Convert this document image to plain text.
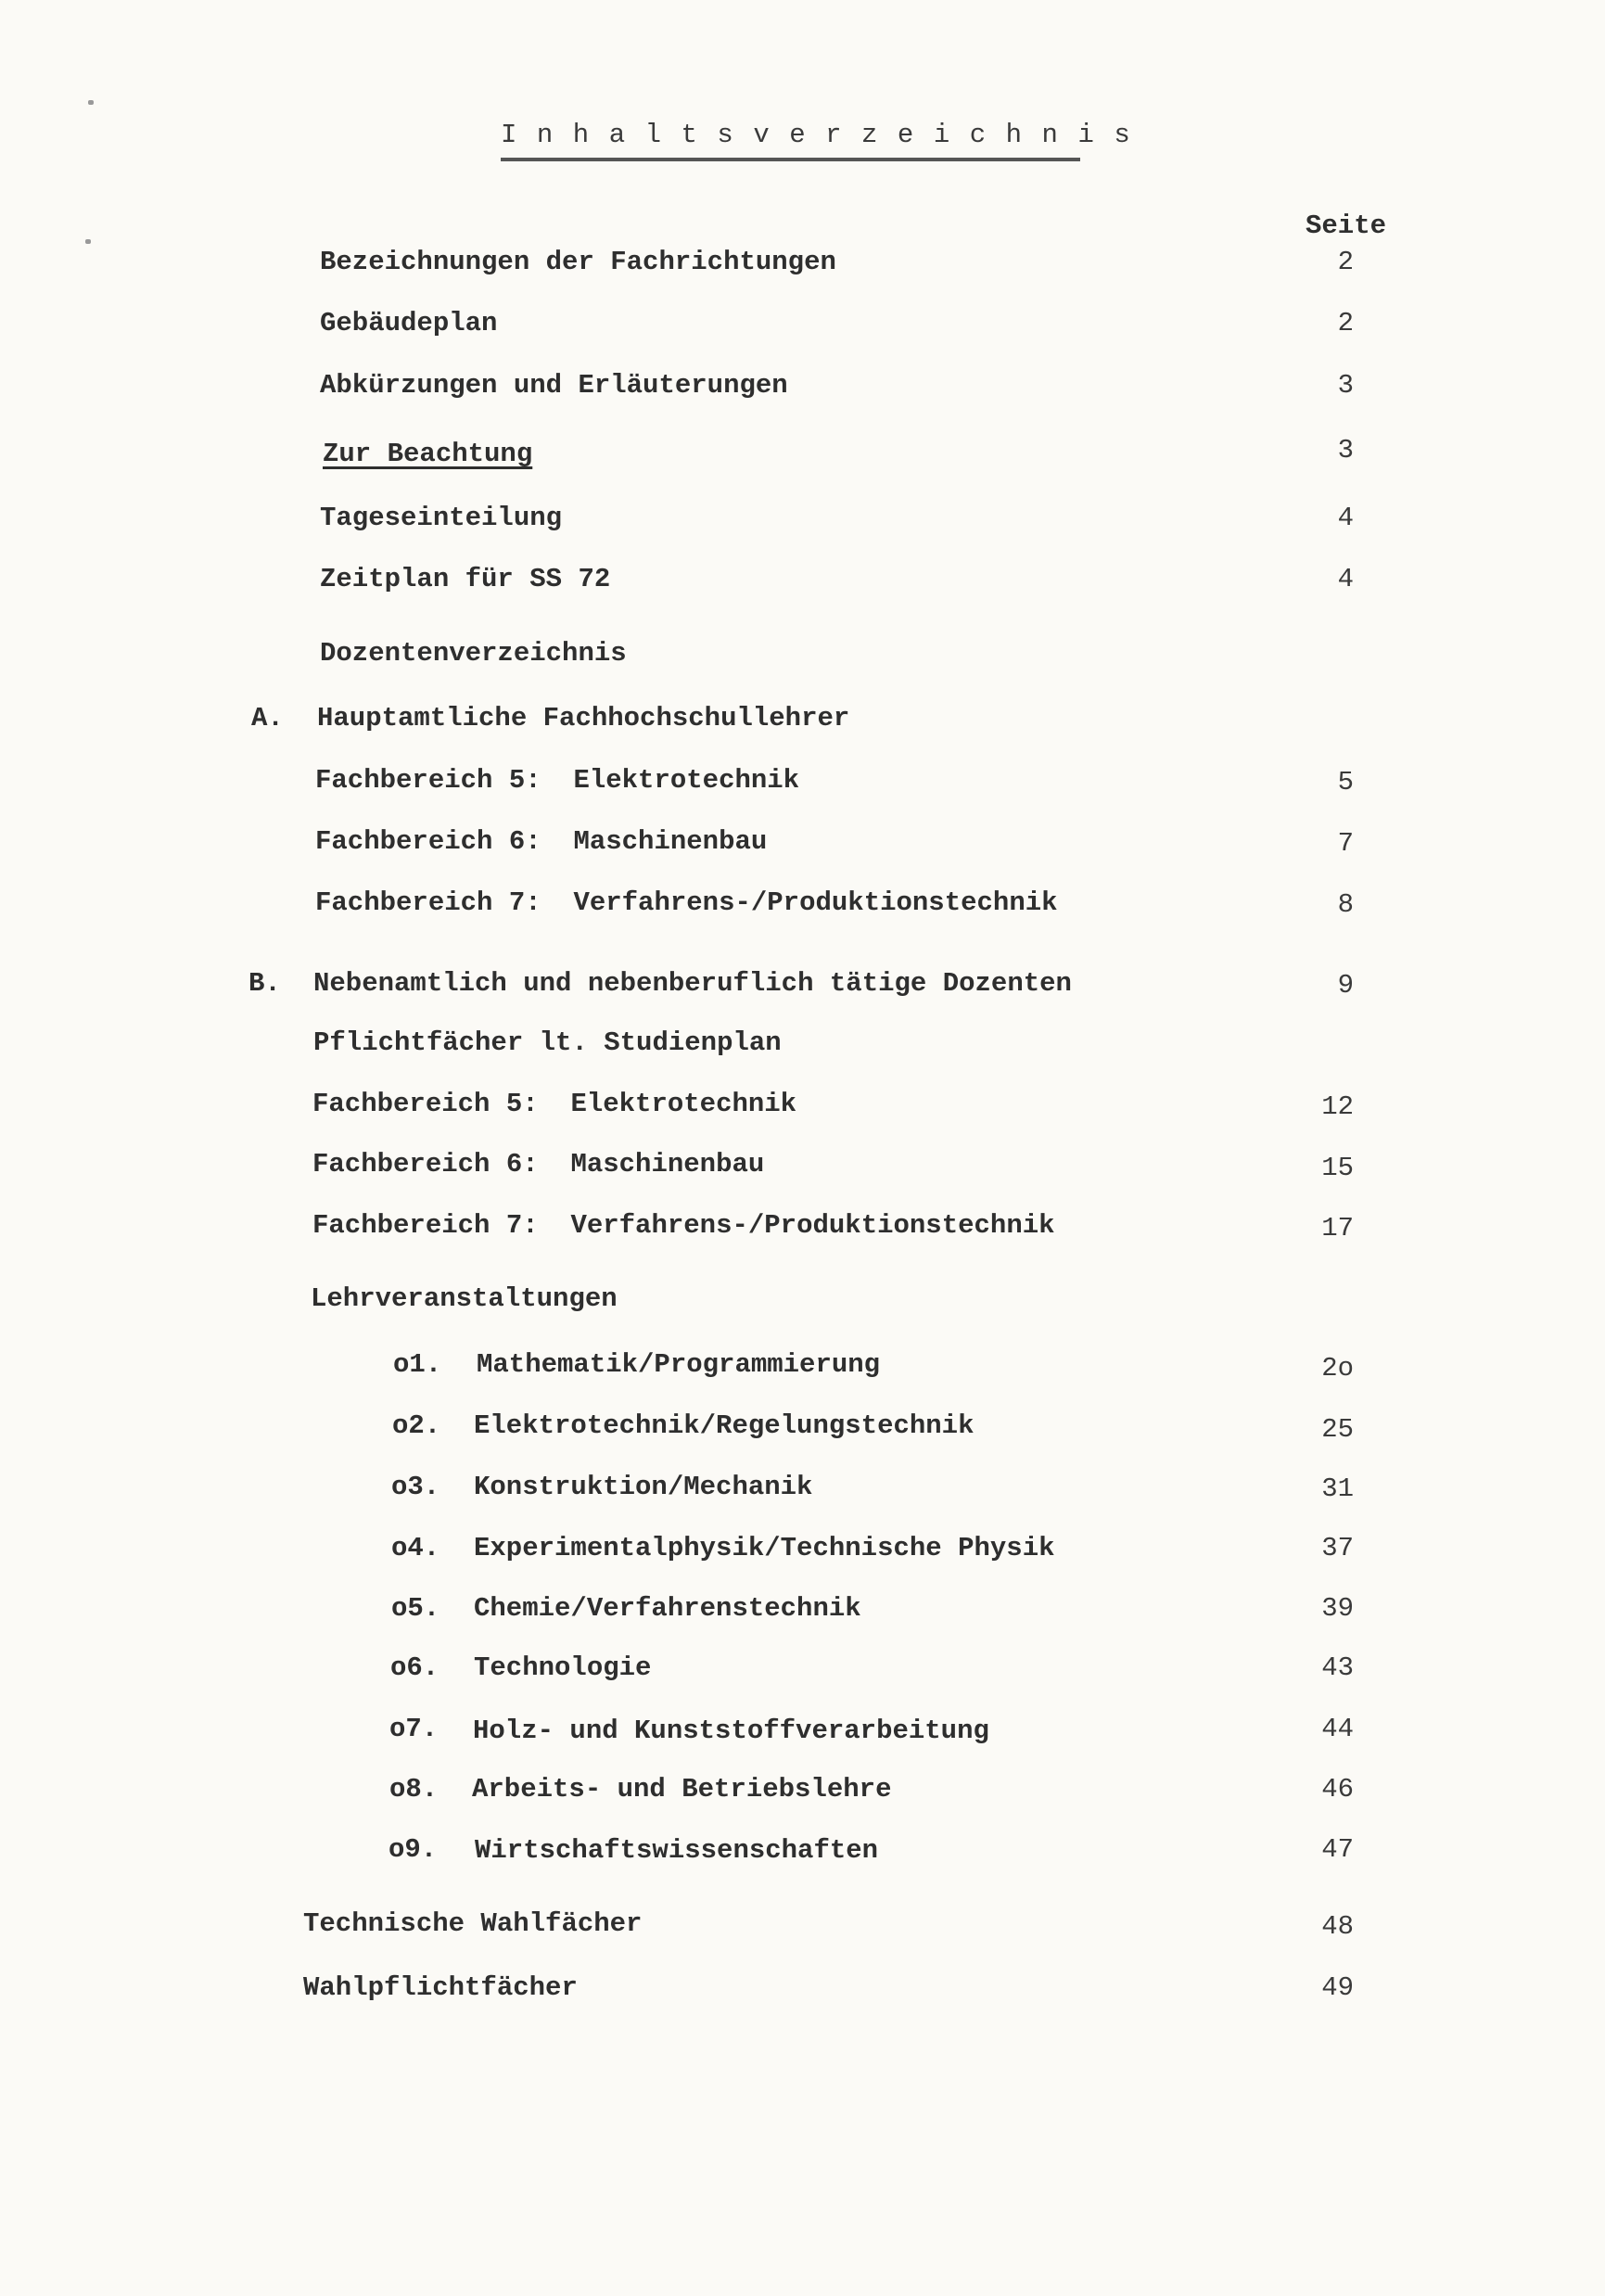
Inhaltsverzeichnis
Seite
Bezeichnungen der Fachrichtungen	2
Gebäudeplan	2
Abkürzungen und Erläuterungen	3
Zur Beachtung	3
Tageseinteilung	4
Zeitplan für SS 72	4
Dozentenverzeichnis
A. Hauptamtliche Fachhochschullehrer
Fachbereich 5:  Elektrotechnik	5
Fachbereich 6:  Maschinenbau	7
Fachbereich 7:  Verfahrens-/Produktionstechnik	8
B. Nebenamtlich und nebenberuflich tätige Dozenten	9
Pflichtfächer lt. Studienplan
Fachbereich 5:  Elektrotechnik	12
Fachbereich 6:  Maschinenbau	15
Fachbereich 7:  Verfahrens-/Produktionstechnik	17
Lehrveranstaltungen
o1. Mathematik/Programmierung	2o
o2. Elektrotechnik/Regelungstechnik	25
o3. Konstruktion/Mechanik	31
o4. Experimentalphysik/Technische Physik	37
o5. Chemie/Verfahrenstechnik	39
o6. Technologie	43
o7. Holz- und Kunststoffverarbeitung	44
o8. Arbeits- und Betriebslehre	46
o9. Wirtschaftswissenschaften	47
Technische Wahlfächer	48
Wahlpflichtfächer	49
